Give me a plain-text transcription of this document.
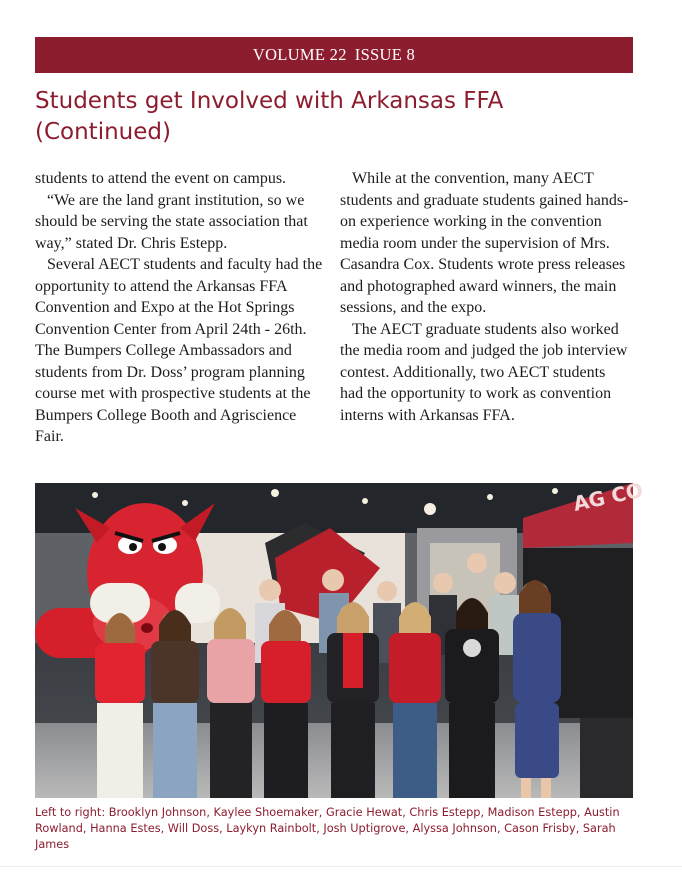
VOLUME 22 ISSUE 8
Students get Involved with Arkansas FFA (Continued)

students to attend the event on campus.

“We are the land grant institution, so we should be serving the state association that way,” stated Dr. Chris Estepp.

Several AECT students and faculty had the opportunity to attend the Arkansas FFA Convention and Expo at the Hot Springs Convention Center from April 24th - 26th. The Bumpers College Ambassadors and students from Dr. Doss’ program planning course met with prospective students at the Bumpers College Booth and Agriscience Fair.

While at the convention, many AECT students and graduate students gained hands-on experience working in the convention media room under the supervision of Mrs. Casandra Cox. Students wrote press releases and photographed award winners, the main sessions, and the expo.

The AECT graduate students also worked the media room and judged the job interview contest. Additionally, two AECT students had the opportunity to work as convention interns with Arkansas FFA.

AG CO

Left to right: Brooklyn Johnson, Kaylee Shoemaker, Gracie Hewat, Chris Estepp, Madison Estepp, Austin Rowland, Hanna Estes, Will Doss, Laykyn Rainbolt, Josh Uptigrove, Alyssa Johnson, Cason Frisby, Sarah James
